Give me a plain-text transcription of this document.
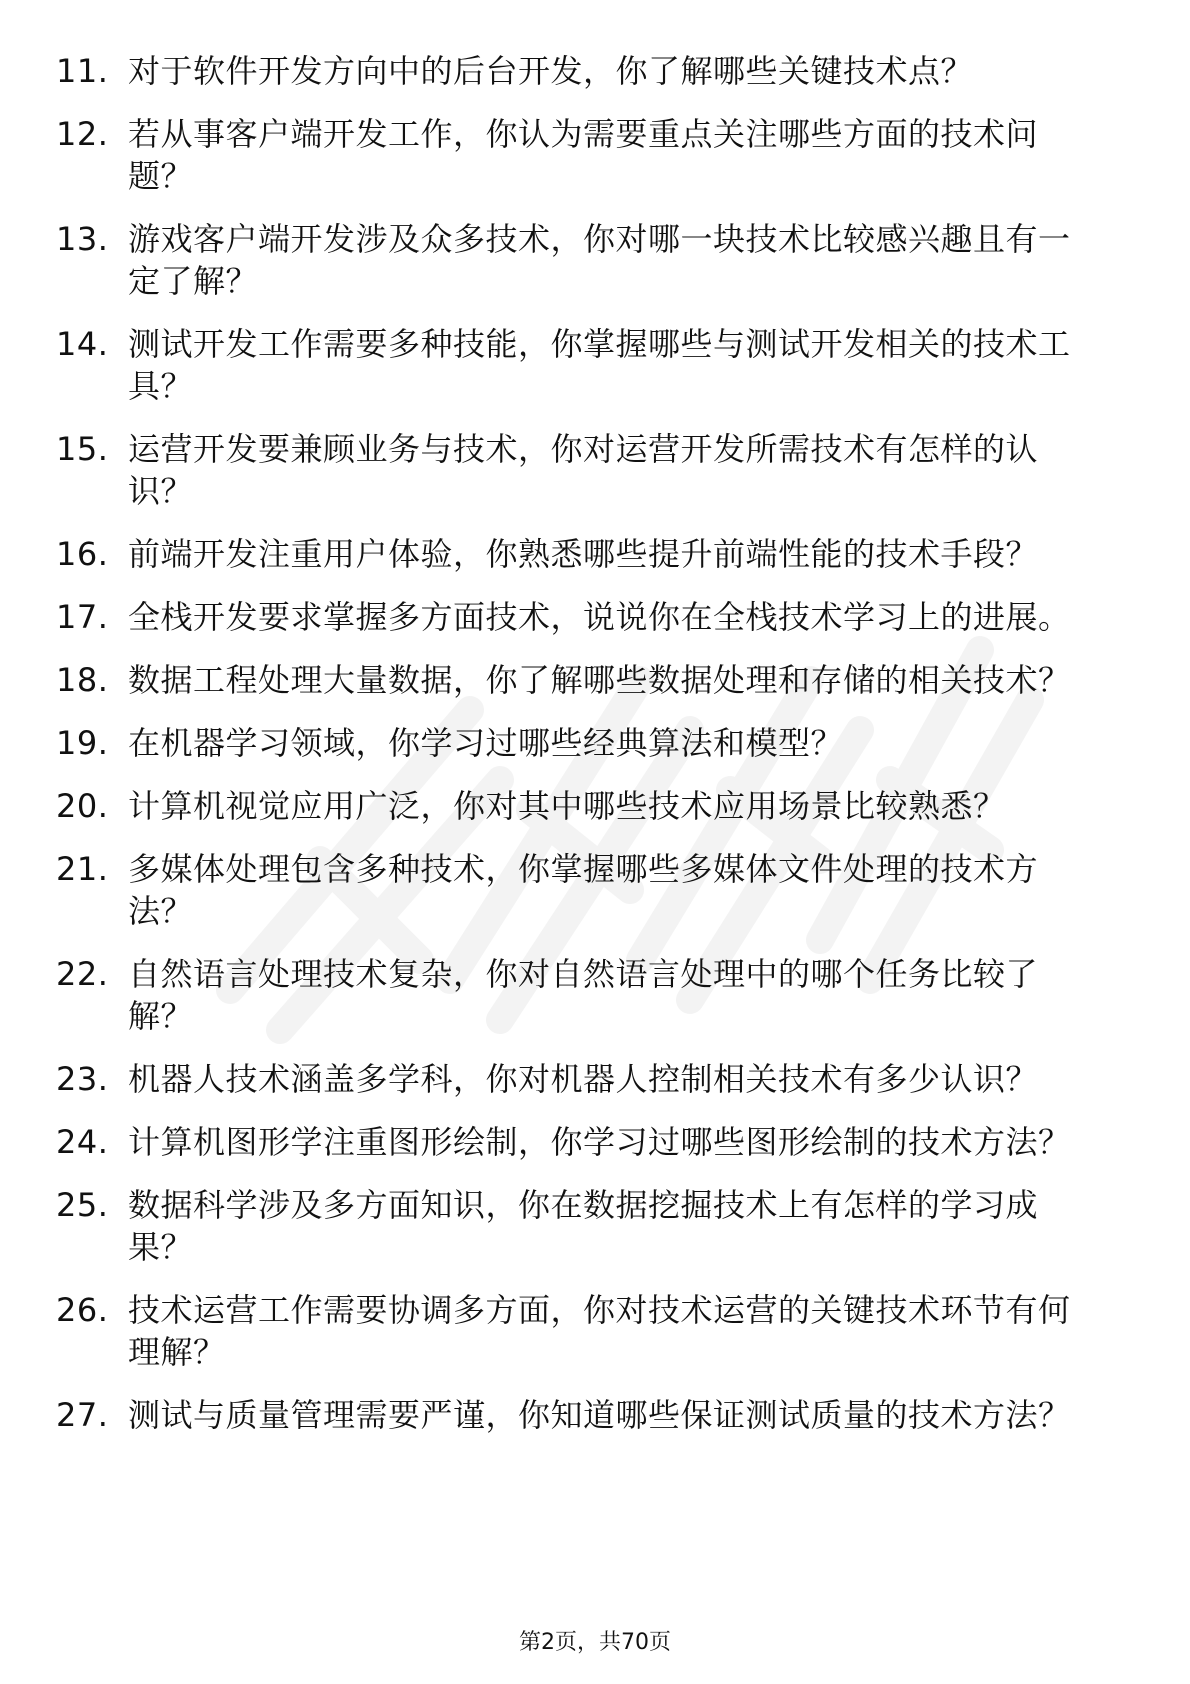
11. 对于软件开发方向中的后台开发，你了解哪些关键技术点？
12. 若从事客户端开发工作，你认为需要重点关注哪些方面的技术问题？
13. 游戏客户端开发涉及众多技术，你对哪一块技术比较感兴趣且有一定了解？
14. 测试开发工作需要多种技能，你掌握哪些与测试开发相关的技术工具？
15. 运营开发要兼顾业务与技术，你对运营开发所需技术有怎样的认识？
16. 前端开发注重用户体验，你熟悉哪些提升前端性能的技术手段？
17. 全栈开发要求掌握多方面技术，说说你在全栈技术学习上的进展。
18. 数据工程处理大量数据，你了解哪些数据处理和存储的相关技术？
19. 在机器学习领域，你学习过哪些经典算法和模型？
20. 计算机视觉应用广泛，你对其中哪些技术应用场景比较熟悉？
21. 多媒体处理包含多种技术，你掌握哪些多媒体文件处理的技术方法？
22. 自然语言处理技术复杂，你对自然语言处理中的哪个任务比较了解？
23. 机器人技术涵盖多学科，你对机器人控制相关技术有多少认识？
24. 计算机图形学注重图形绘制，你学习过哪些图形绘制的技术方法？
25. 数据科学涉及多方面知识，你在数据挖掘技术上有怎样的学习成果？
26. 技术运营工作需要协调多方面，你对技术运营的关键技术环节有何理解？
27. 测试与质量管理需要严谨，你知道哪些保证测试质量的技术方法？
第2页，共70页
